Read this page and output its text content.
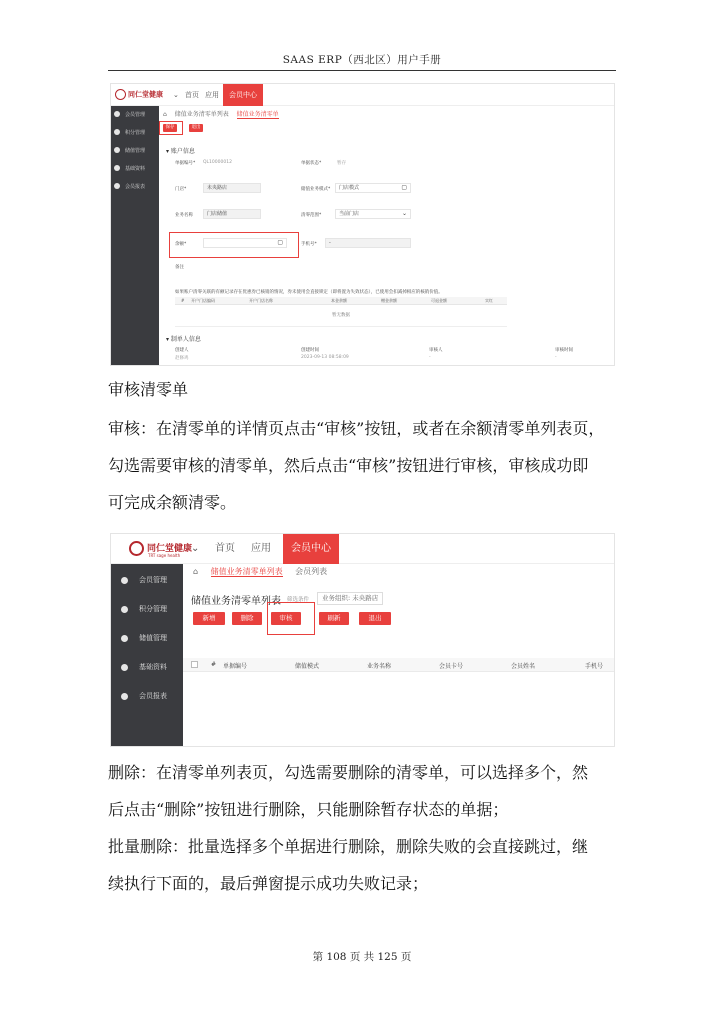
SAAS ERP（西北区）用户手册
同仁堂健康 ⌄ 首页 应用	会员中心
会员管理
积分管理
储值管理
基础资料
会员报表
⌂ 储值业务清零单列表 储值业务清零单
保存	退出
▾ 账户信息
单据编号* QL10000012	单据状态*	暂存
门店*	未央路店	储值业务模式*	门店模式	▢
业务名称	门店储值	清零范围*	当前门店	⌄
余额*	▢	手机号*	-
备注
如果账户清零关联的有额记录存在优惠券已核销的情况，券未使用会直接锁定（即将置为失效状态），已使用会扣减掉相应的核销价值。
# 开户门店编码	开户门店名称	本金余额	赠金余额	可退金额	实红
暂无数据
▾ 制单人信息
创建人
赵修鸡
创建时间
2023-09-13 08:58:09
审核人
-
审核时间
-
审核清零单
审核：在清零单的详情页点击“审核”按钮，或者在余额清零单列表页，
勾选需要审核的清零单，然后点击“审核”按钮进行审核，审核成功即
可完成余额清零。
同仁堂健康
TRT sage health
⌄ 首页 应用	会员中心
会员管理
积分管理
储值管理
基础资料
会员报表
⌂ 储值业务清零单列表 会员列表
储值业务清零单列表 筛选条件	业务组织: 未央路店
新增	删除	审核	刷新	退出
# 单据编号	储值模式	业务名称	会员卡号	会员姓名	手机号
删除：在清零单列表页，勾选需要删除的清零单，可以选择多个，然
后点击“删除”按钮进行删除，只能删除暂存状态的单据；
批量删除：批量选择多个单据进行删除，删除失败的会直接跳过，继
续执行下面的，最后弹窗提示成功失败记录；
第 108 页 共 125 页
